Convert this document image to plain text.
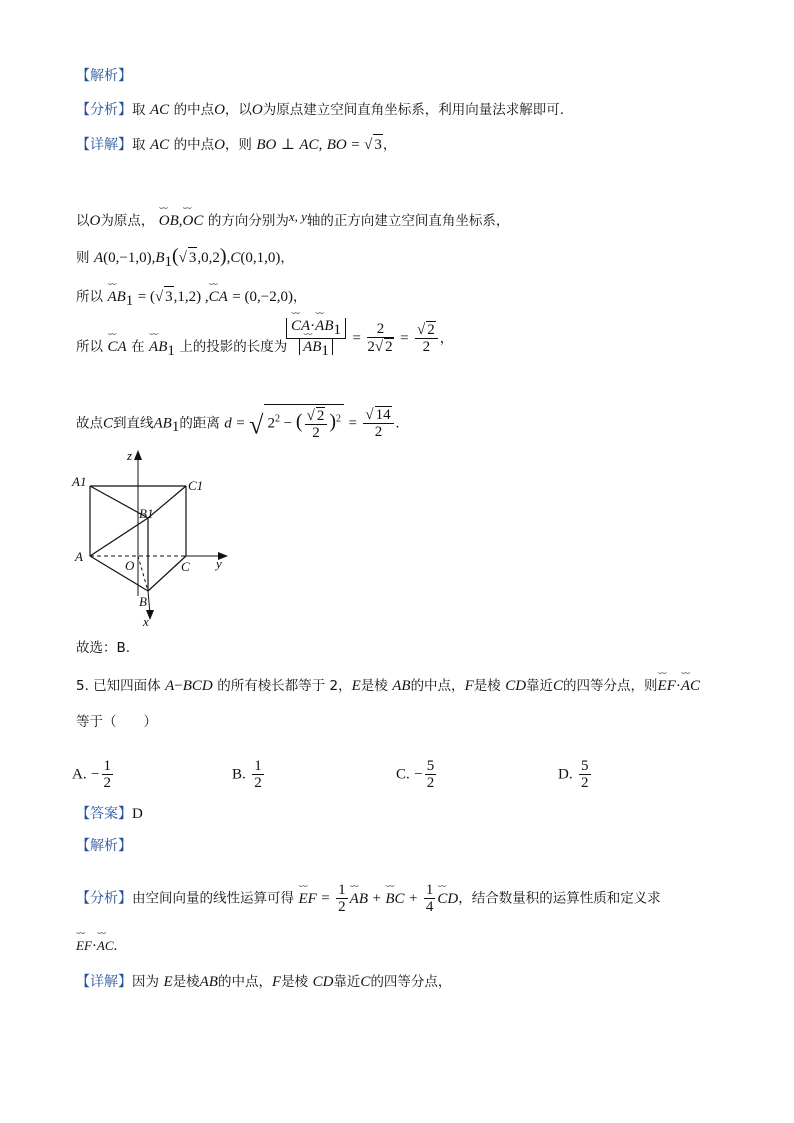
【解析】
【分析】取 AC 的中点O，以O为原点建立空间直角坐标系，利用向量法求解即可.
【详解】取 AC 的中点O，则 BO ⊥ AC, BO = √ 3，
以O为原点， ⌣⌣ OB,⌣⌣ OC 的方向分别为x, y轴的正方向建立空间直角坐标系，
则 $A(0,-1,0),B_1(√$ 3,0,2),C(0,1,0)，
所以 ⌣⌣ $AB_1$ = (√ 3,1,2) ,⌣⌣ CA = (0,−2,0)，
所以 ⌣⌣ CA 在 ⌣⌣ $AB_1$ 上的投影的长度为
⌣⌣ CA·⌣⌣ $AB_1$
⌣⌣ $AB_1 = \frac{2}{2√ 2} = \frac{√ 2}{2}$ ，
故点C到直线$AB_1$的距离 d = √ $2^2$ − ( $\frac{√ 2}{2} )^2 = \frac{√ 14}{2}$ .
z
A1	C1
B1
A
O	C y
B
x
故选：B.
5. 已知四面体 A−BCD 的所有棱长都等于 2，E是棱 AB的中点，F是棱 CD靠近C的四等分点，则⌣⌣ EF·⌣⌣ AC
等于（　　）
A. − $\frac{1}{2}$	B. $\frac{1}{2}$	C. − $\frac{5}{2}$	D. $\frac{5}{2}$
【答案】D
【解析】
【分析】由空间向量的线性运算可得 ⌣⌣ EF = $\frac{1}{2}$ ⌣⌣ AB + ⌣⌣ BC + $\frac{1}{4}$ ⌣⌣ CD，结合数量积的运算性质和定义求
⌣⌣ EF·⌣⌣ AC.
【详解】因为 E是棱AB的中点，F是棱 CD靠近C的四等分点，
